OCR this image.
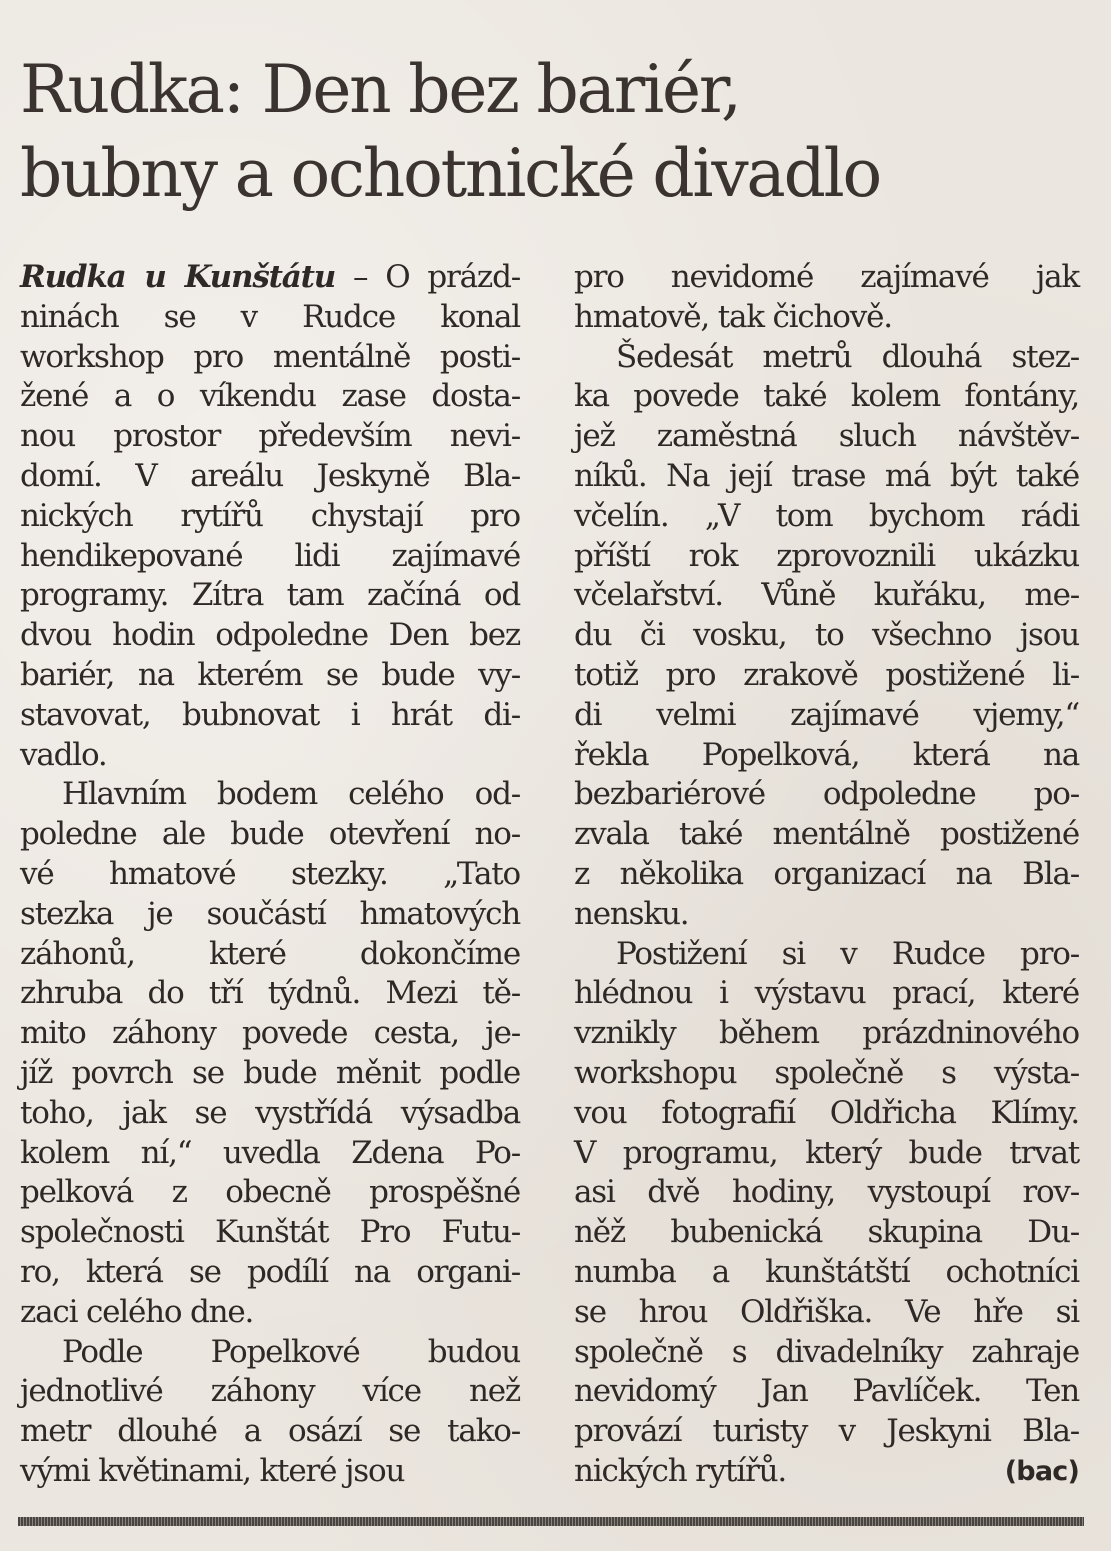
Rudka: Den bez bariér,
bubny a ochotnické divadlo

Rudka u Kunštátu – O prázd-
ninách se v Rudce konal
workshop pro mentálně posti-
žené a o víkendu zase dosta-
nou prostor především nevi-
domí. V areálu Jeskyně Bla-
nických rytířů chystají pro
hendikepované lidi zajímavé
programy. Zítra tam začíná od
dvou hodin odpoledne Den bez
bariér, na kterém se bude vy-
stavovat, bubnovat i hrát di-
vadlo.

Hlavním bodem celého od-
poledne ale bude otevření no-
vé hmatové stezky. „Tato
stezka je součástí hmatových
záhonů, které dokončíme
zhruba do tří týdnů. Mezi tě-
mito záhony povede cesta, je-
jíž povrch se bude měnit podle
toho, jak se vystřídá výsadba
kolem ní,“ uvedla Zdena Po-
pelková z obecně prospěšné
společnosti Kunštát Pro Futu-
ro, která se podílí na organi-
zaci celého dne.

Podle Popelkové budou
jednotlivé záhony více než
metr dlouhé a osází se tako-
vými květinami, které jsou

pro nevidomé zajímavé jak
hmatově, tak čichově.

Šedesát metrů dlouhá stez-
ka povede také kolem fontány,
jež zaměstná sluch návštěv-
níků. Na její trase má být také
včelín. „V tom bychom rádi
příští rok zprovoznili ukázku
včelařství. Vůně kuřáku, me-
du či vosku, to všechno jsou
totiž pro zrakově postižené li-
di velmi zajímavé vjemy,“
řekla Popelková, která na
bezbariérové odpoledne po-
zvala také mentálně postižené
z několika organizací na Bla-
nensku.

Postižení si v Rudce pro-
hlédnou i výstavu prací, které
vznikly během prázdninového
workshopu společně s výsta-
vou fotografií Oldřicha Klímy.
V programu, který bude trvat
asi dvě hodiny, vystoupí rov-
něž bubenická skupina Du-
numba a kunštátští ochotníci
se hrou Oldřiška. Ve hře si
společně s divadelníky zahraje
nevidomý Jan Pavlíček. Ten
provází turisty v Jeskyni Bla-
nických rytířů.	(bac)
